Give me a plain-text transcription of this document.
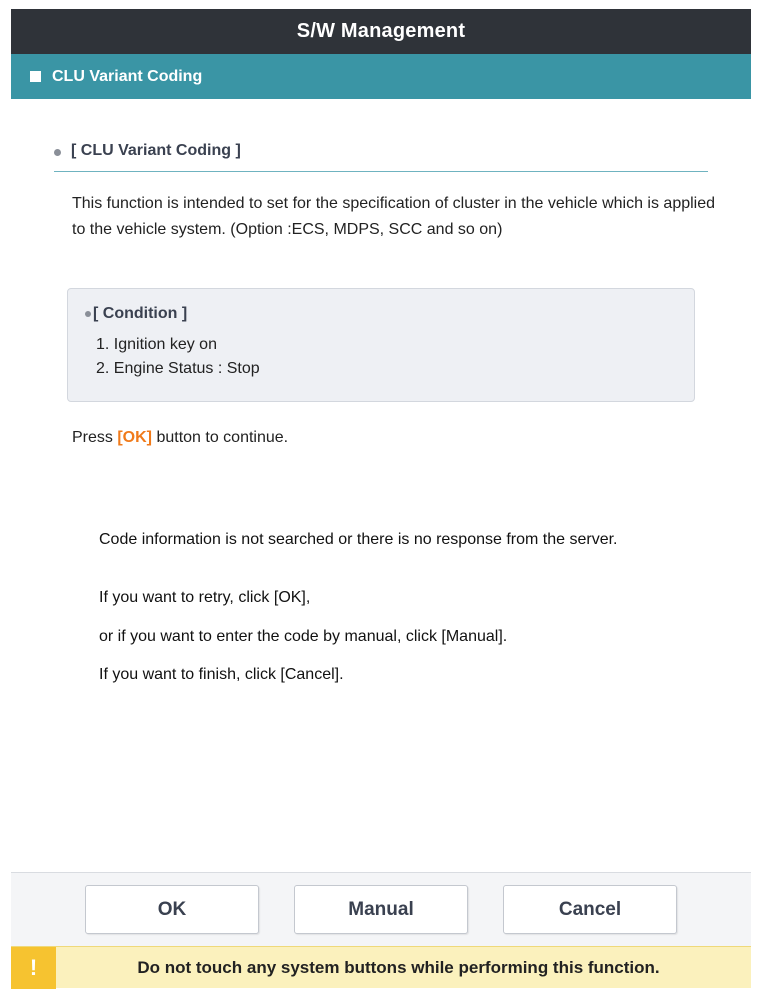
S/W Management
CLU Variant Coding
[ CLU Variant Coding ]
This function is intended to set for the specification of cluster in the vehicle which is applied to the vehicle system. (Option :ECS, MDPS, SCC and so on)
[ Condition ]
1. Ignition key on
2. Engine Status : Stop
Press [OK] button to continue.
Code information is not searched or there is no response from the server.
If you want to retry, click [OK],
or if you want to enter the code by manual, click [Manual].
If you want to finish, click [Cancel].
OK	Manual	Cancel
!	Do not touch any system buttons while performing this function.
